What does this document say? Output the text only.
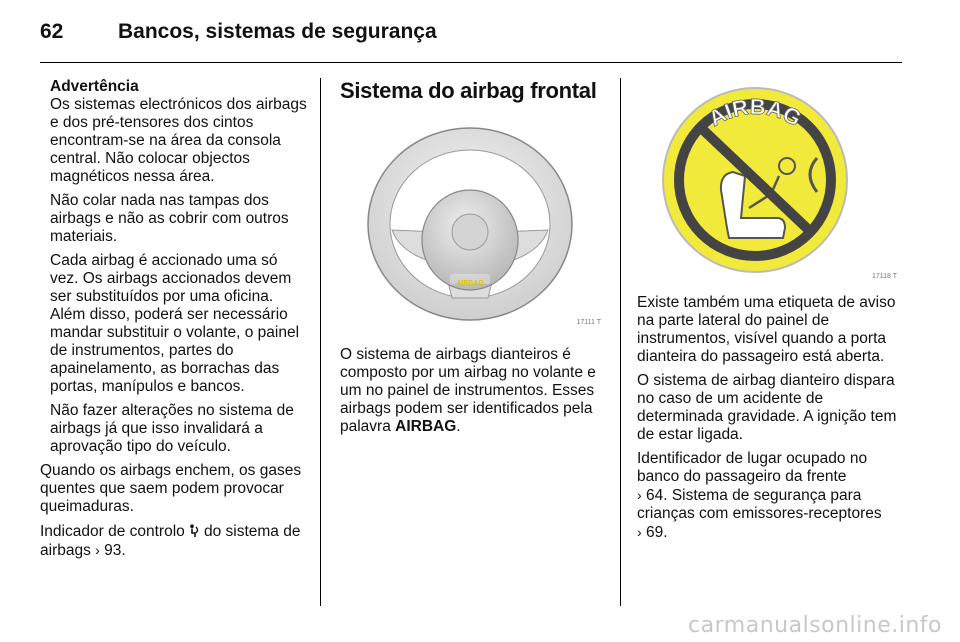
62	Bancos, sistemas de segurança

Advertência

Os sistemas electrónicos dos airbags e dos pré-tensores dos cintos encontram-se na área da consola central. Não colocar objectos magnéticos nessa área.

Não colar nada nas tampas dos airbags e não as cobrir com outros materiais.

Cada airbag é accionado uma só vez. Os airbags accionados devem ser substituídos por uma oficina. Além disso, poderá ser necessário mandar substituir o volante, o painel de instrumentos, partes do apainelamento, as borrachas das portas, manípulos e bancos.

Não fazer alterações no sistema de airbags já que isso invalidará a aprovação tipo do veículo.

Quando os airbags enchem, os gases quentes que saem podem provocar queimaduras.

Indicador de controlo  do sistema de airbags › 93.

Sistema do airbag frontal
AIRBAG
17111 T

O sistema de airbags dianteiros é composto por um airbag no volante e um no painel de instrumentos. Esses airbags podem ser identificados pela palavra AIRBAG.

AIRBAG
17118 T

Existe também uma etiqueta de aviso na parte lateral do painel de instrumentos, visível quando a porta dianteira do passageiro está aberta.

O sistema de airbag dianteiro dispara no caso de um acidente de determinada gravidade. A ignição tem de estar ligada.

Identificador de lugar ocupado no banco do passageiro da frente
› 64. Sistema de segurança para crianças com emissores-receptores
› 69.

carmanualsonline.info
